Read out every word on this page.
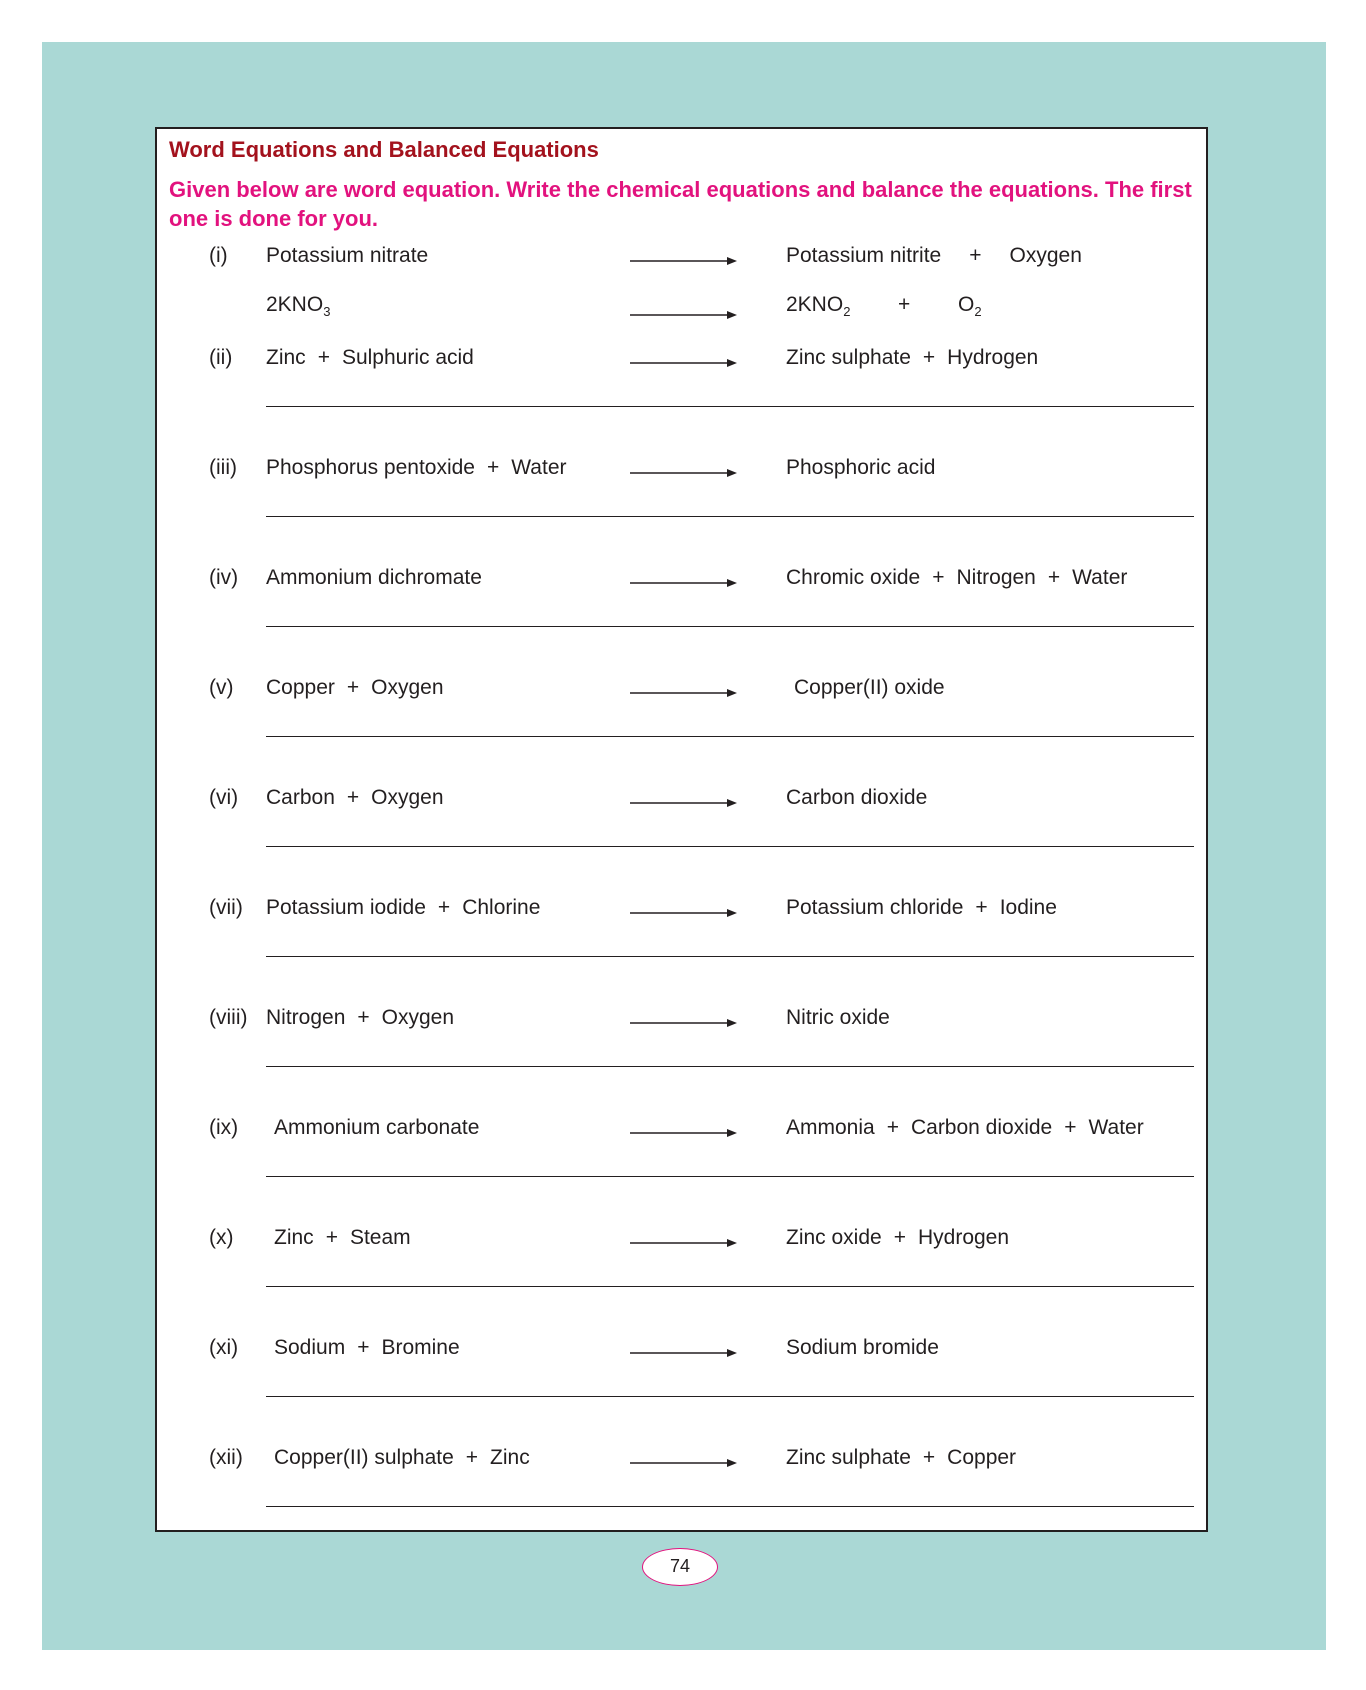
Word Equations and Balanced Equations
Given below are word equation. Write the chemical equations and balance the equations. The first one is done for you.
(i) Potassium nitrate	Potassium nitrite + Oxygen
$2KNO_3$	$2KNO_2 + O_2$
(ii) Zinc + Sulphuric acid	Zinc sulphate + Hydrogen
(iii) Phosphorus pentoxide + Water	Phosphoric acid
(iv) Ammonium dichromate	Chromic oxide + Nitrogen + Water
(v) Copper + Oxygen	Copper(II) oxide
(vi) Carbon + Oxygen	Carbon dioxide
(vii) Potassium iodide + Chlorine	Potassium chloride + Iodine
(viii) Nitrogen + Oxygen	Nitric oxide
(ix) Ammonium carbonate	Ammonia + Carbon dioxide + Water
(x) Zinc + Steam	Zinc oxide + Hydrogen
(xi) Sodium + Bromine	Sodium bromide
(xii) Copper(II) sulphate + Zinc	Zinc sulphate + Copper
74
